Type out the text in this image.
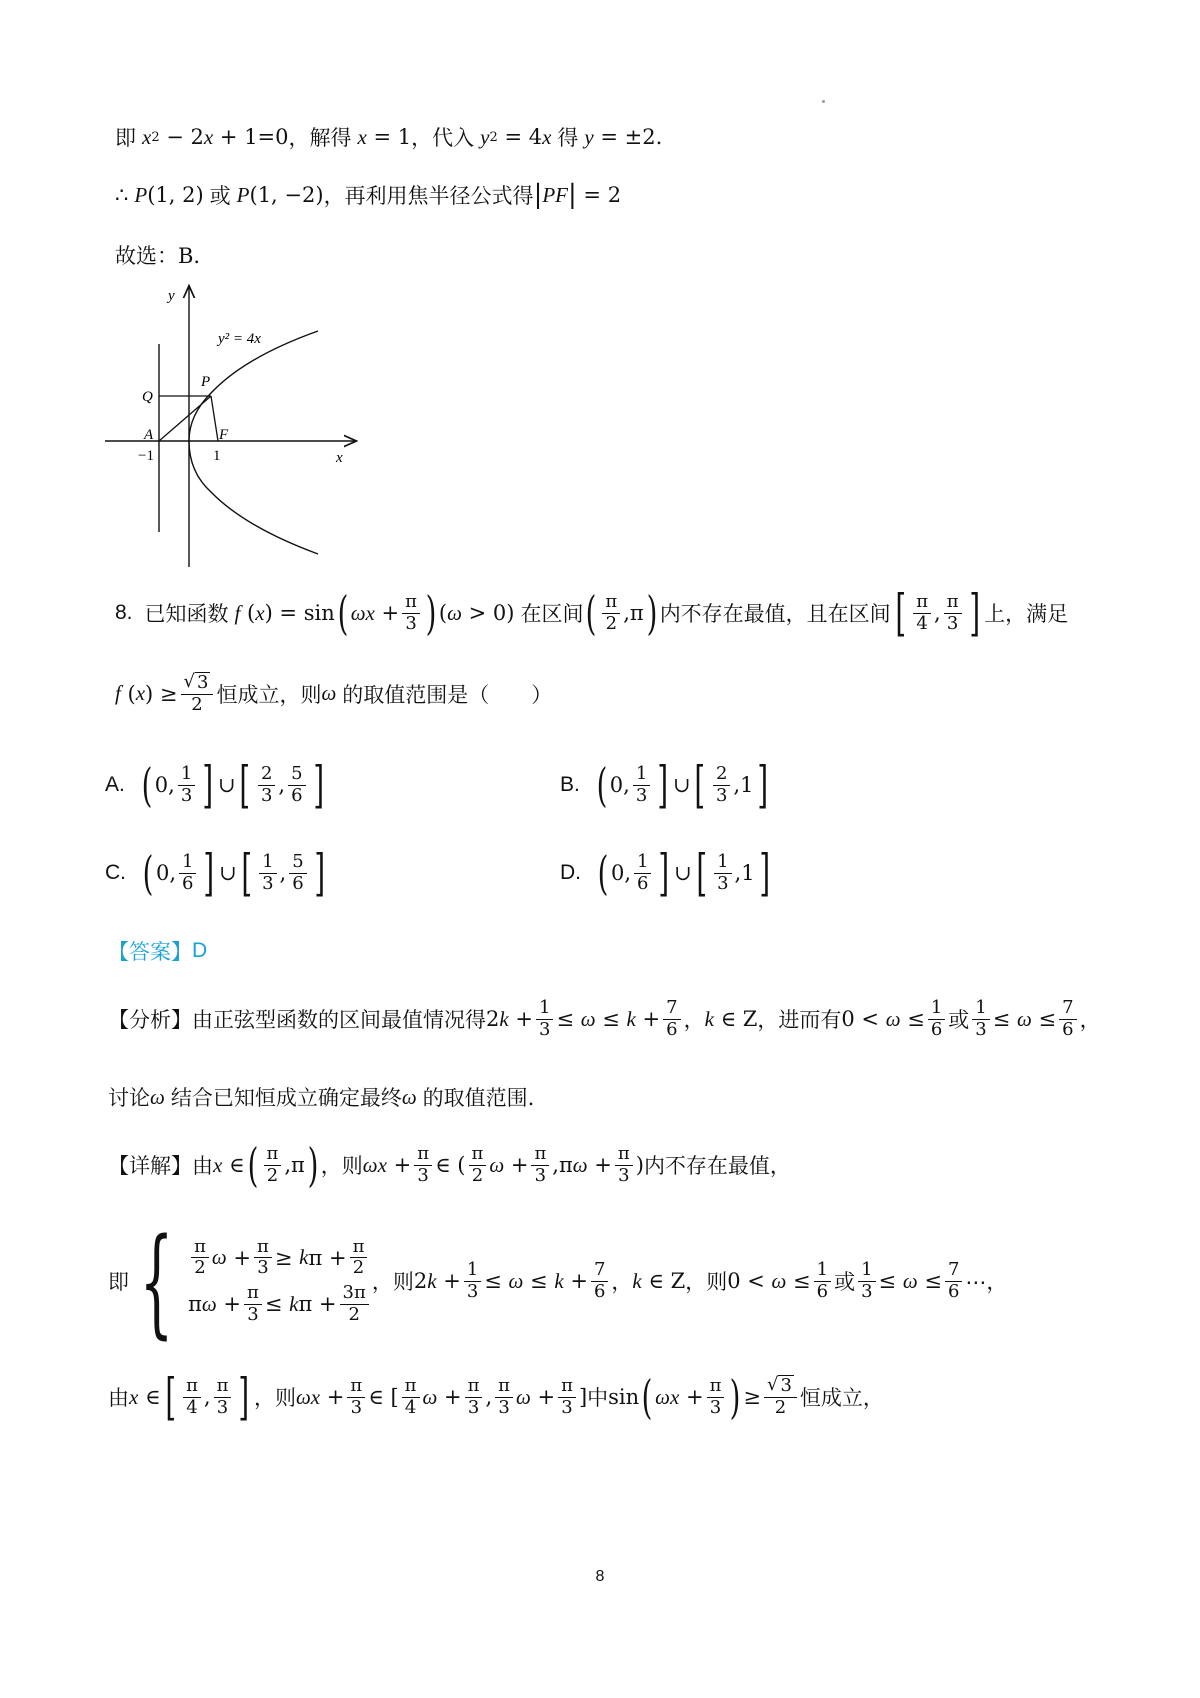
即 x 2 − 2 x + 1=0 ，解得 x = 1 ，代入 y 2 = 4 x 得 y = ±2.
∴ P (1, 2) 或 P (1, −2) ，再利用焦半径公式得 | PF | = 2
故选：B.
y
x
y² = 4x
P
Q
A	F
−1	1
8. 已知函数 f ( x ) = sin ( $\omega x + \frac{\pi}{3}$ ) ( ω > 0) 在区间 ( $\frac{\pi}{2} ,\pi$ ) 内不存在最值，且在区间 [ $\frac{\pi}{4}$ , $\frac{\pi}{3}$ ] 上，满足
f ( x ) ≥ $\frac{√ 3}{2}$ 恒成立，则 ω 的取值范围是（　　）
A. ( 0, $\frac{1}{3}$ ] ∪ [ $\frac{2}{3}$ , $\frac{5}{6}$ ]	B. ( 0, $\frac{1}{3}$ ] ∪ [ $\frac{2}{3} ,1$ ]
C. ( 0, $\frac{1}{6}$ ] ∪ [ $\frac{1}{3}$ , $\frac{5}{6}$ ]	D. ( 0, $\frac{1}{6}$ ] ∪ [ $\frac{1}{3} ,1$ ]
【答案】 D
【分析】 由正弦型函数的区间最值情况得 2 $k + \frac{1}{3} \le \omega \le k + \frac{7}{6}$ ， k ∈ Z ，进而有 $0 < \omega \le \frac{1}{6}$ 或 $\frac{1}{3} \le \omega \le \frac{7}{6}$ ，
讨论 ω 结合已知恒成立确定最终 ω 的取值范围.
【详解】 由 x ∈ ( $\frac{\pi}{2} ,\pi$ ) ，则 $\omega x + \frac{\pi}{3}$ ∈ ( $\frac{\pi}{2}$ $\omega + \frac{\pi}{3} ,\pi$ $\omega + \frac{\pi}{3}$ ) 内不存在最值，
即 { $\frac{\pi}{2}$ $\omega + \frac{\pi}{3} \ge k$ $\pi + \frac{\pi}{2}$
π $\omega + \frac{\pi}{3} \le k$ $\pi + \frac{3\pi}{2}$
，则 2 $k + \frac{1}{3} \le \omega \le k + \frac{7}{6}$ ， k ∈ Z ，则 $0 < \omega \le \frac{1}{6}$ 或 $\frac{1}{3} \le \omega \le \frac{7}{6}$ ⋯，
由 x ∈ [ $\frac{\pi}{4}$ , $\frac{\pi}{3}$ ] ，则 $\omega x + \frac{\pi}{3}$ ∈ [ $\frac{\pi}{4}$ $\omega + \frac{\pi}{3}$ , $\frac{\pi}{3}$ $\omega + \frac{\pi}{3}$ ] 中 sin ( $\omega x + \frac{\pi}{3}$ ) ≥ $\frac{√ 3}{2}$ 恒成立，
8
